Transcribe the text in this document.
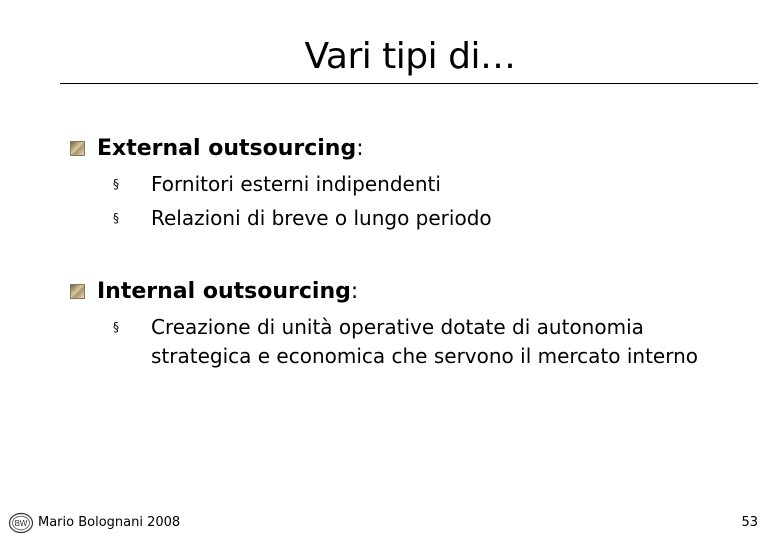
Vari tipi di…
External outsourcing :
§	Fornitori esterni indipendenti
§	Relazioni di breve o lungo periodo
Internal outsourcing :
§	Creazione di unità operative dotate di autonomia strategica e economica che servono il mercato interno
BW Mario Bolognani 2008	53
